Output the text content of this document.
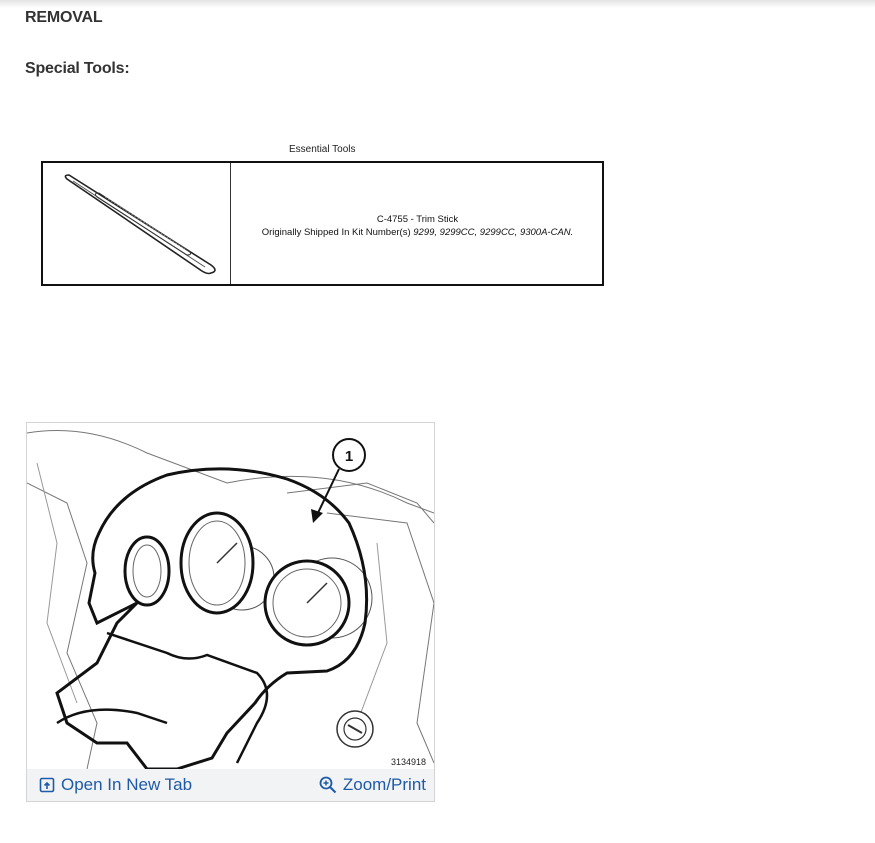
REMOVAL
Special Tools:
Essential Tools
C-4755 - Trim Stick
Originally Shipped In Kit Number(s) 9299, 9299CC, 9299CC, 9300A-CAN.
1
3134918
Open In New Tab	Zoom/Print
